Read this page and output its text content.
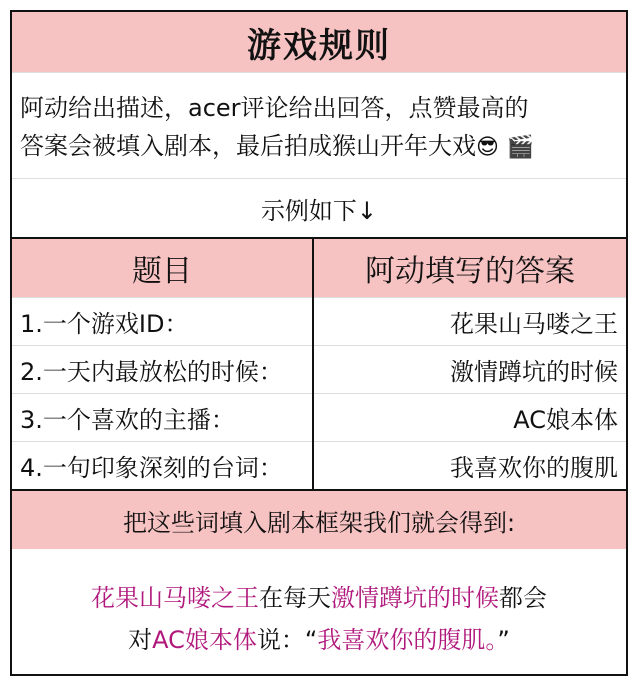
游戏规则
阿动给出描述，acer评论给出回答，点赞最高的
答案会被填入剧本，最后拍成猴山开年大戏😎 🎬
示例如下↓
题目	阿动填写的答案
1.一个游戏ID：	花果山马喽之王
2.一天内最放松的时候：	激情蹲坑的时候
3.一个喜欢的主播：	AC娘本体
4.一句印象深刻的台词：	我喜欢你的腹肌
把这些词填入剧本框架我们就会得到:
花果山马喽之王在每天激情蹲坑的时候都会
对AC娘本体说：“我喜欢你的腹肌。”
